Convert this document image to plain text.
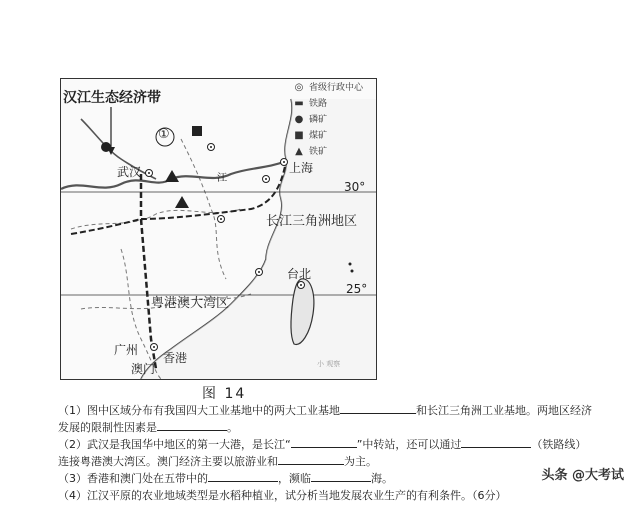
汉江生态经济带
①
武汉	上海
江
30°
长江三角洲地区
台北
25°
粤港澳大湾区
广州
香港
澳门	小 观察
◎ 省级行政中心
▬ 铁路
● 磷矿
■ 煤矿
▲ 铁矿
图 14

（1）图中区域分布有我国四大工业基地中的两大工业基地	和长江三角洲工业基地。两地区经济

发展的限制性因素是	。

（2）武汉是我国华中地区的第一大港，是长江“	”中转站，还可以通过	（铁路线）

连接粤港澳大湾区。澳门经济主要以旅游业和	为主。

（3）香港和澳门处在五带中的	，濒临	海。

（4）江汉平原的农业地域类型是水稻种植业，试分析当地发展农业生产的有利条件。（6分）

头条 @大考试
